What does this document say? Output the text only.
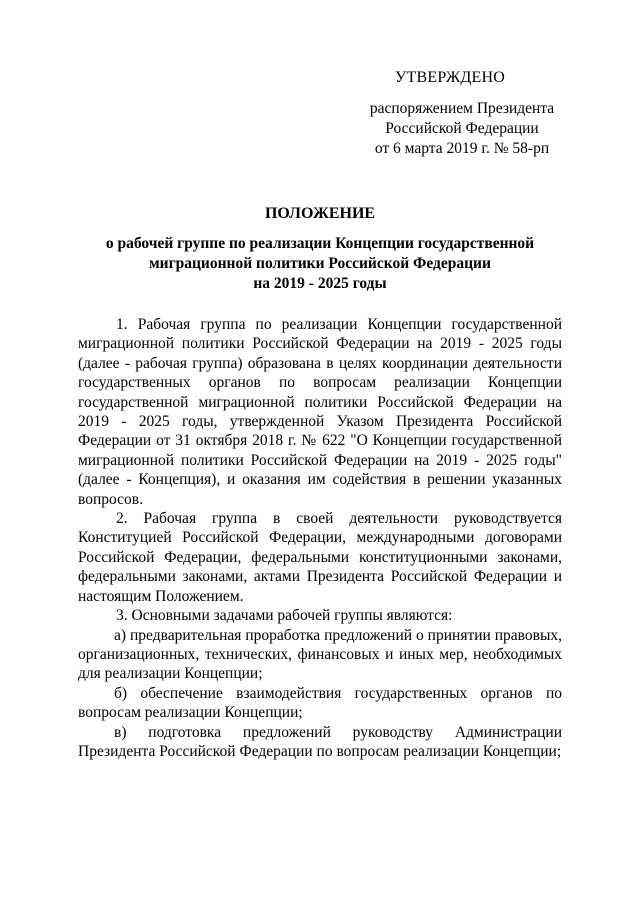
УТВЕРЖДЕНО
распоряжением Президента
Российской Федерации
от 6 марта 2019 г. № 58-рп
ПОЛОЖЕНИЕ
о рабочей группе по реализации Концепции государственной
миграционной политики Российской Федерации
на 2019 - 2025 годы

1. Рабочая группа по реализации Концепции государственной миграционной политики Российской Федерации на 2019 - 2025 годы (далее - рабочая группа) образована в целях координации деятельности государственных органов по вопросам реализации Концепции государственной миграционной политики Российской Федерации на 2019 - 2025 годы, утвержденной Указом Президента Российской Федерации от 31 октября 2018 г. № 622 "О Концепции государственной миграционной политики Российской Федерации на 2019 - 2025 годы" (далее - Концепция), и оказания им содействия в решении указанных вопросов.

2. Рабочая группа в своей деятельности руководствуется Конституцией Российской Федерации, международными договорами Российской Федерации, федеральными конституционными законами, федеральными законами, актами Президента Российской Федерации и настоящим Положением.

3. Основными задачами рабочей группы являются:

а) предварительная проработка предложений о принятии правовых, организационных, технических, финансовых и иных мер, необходимых для реализации Концепции;

б) обеспечение взаимодействия государственных органов по вопросам реализации Концепции;

в) подготовка предложений руководству Администрации Президента Российской Федерации по вопросам реализации Концепции;
